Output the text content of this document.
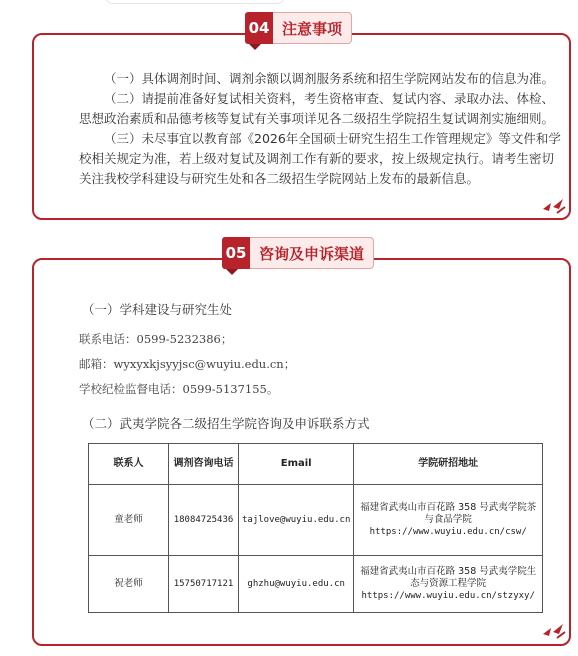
（一）具体调剂时间、调剂余额以调剂服务系统和招生学院网站发布的信息为准。

（二）请提前准备好复试相关资料，考生资格审查、复试内容、录取办法、体检、思想政治素质和品德考核等复试有关事项详见各二级招生学院招生复试调剂实施细则。

（三）未尽事宜以教育部《2026年全国硕士研究生招生工作管理规定》等文件和学校相关规定为准，若上级对复试及调剂工作有新的要求，按上级规定执行。请考生密切关注我校学科建设与研究生处和各二级招生学院网站上发布的最新信息。

04 注意事项
（一）学科建设与研究生处
联系电话：0599-5232386；
邮箱：wyxyxkjsyyjsc@wuyiu.edu.cn；
学校纪检监督电话：0599-5137155。
（二）武夷学院各二级招生学院咨询及申诉联系方式
联系人	调剂咨询电话	Email	学院研招地址
童老师	18084725436	tajlove@wuyiu.edu.cn	福建省武夷山市百花路 358 号武夷学院茶与食品学院
https://www.wuyiu.edu.cn/csw/

祝老师	15750717121	ghzhu@wuyiu.edu.cn	福建省武夷山市百花路 358 号武夷学院生态与资源工程学院
https://www.wuyiu.edu.cn/stzyxy/
05 咨询及申诉渠道
